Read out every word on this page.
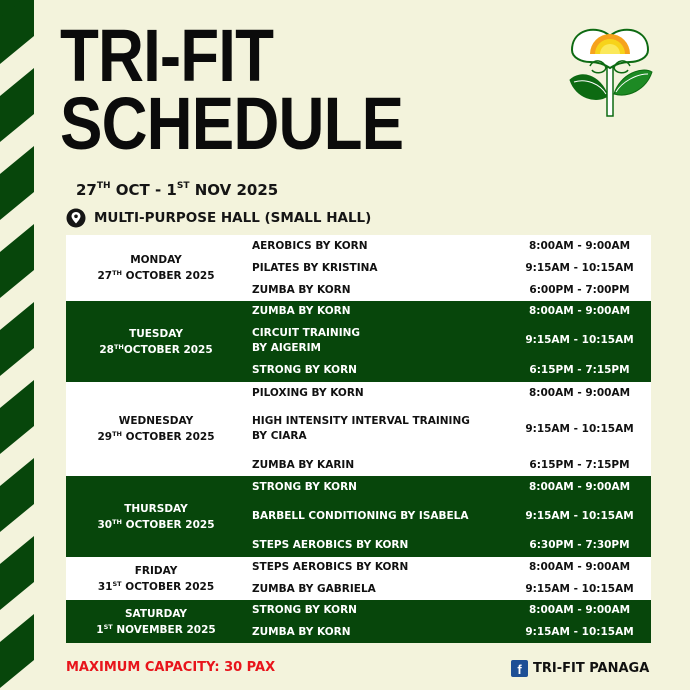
TRI-FIT
SCHEDULE
27TH OCT - 1ST NOV 2025
MULTI-PURPOSE HALL (SMALL HALL)
MONDAY
27TH OCTOBER 2025
AEROBICS BY KORN	8:00AM - 9:00AM
PILATES BY KRISTINA	9:15AM - 10:15AM
ZUMBA BY KORN	6:00PM - 7:00PM
TUESDAY
28THOCTOBER 2025
ZUMBA BY KORN	8:00AM - 9:00AM
CIRCUIT TRAINING
BY AIGERIM
9:15AM - 10:15AM
STRONG BY KORN	6:15PM - 7:15PM
WEDNESDAY
29TH OCTOBER 2025
PILOXING BY KORN	8:00AM - 9:00AM
HIGH INTENSITY INTERVAL TRAINING
BY CIARA
9:15AM - 10:15AM
ZUMBA BY KARIN	6:15PM - 7:15PM
THURSDAY
30TH OCTOBER 2025
STRONG BY KORN	8:00AM - 9:00AM
BARBELL CONDITIONING BY ISABELA	9:15AM - 10:15AM
STEPS AEROBICS BY KORN	6:30PM - 7:30PM
FRIDAY
31ST OCTOBER 2025
STEPS AEROBICS BY KORN	8:00AM - 9:00AM
ZUMBA BY GABRIELA	9:15AM - 10:15AM
SATURDAY
1ST NOVEMBER 2025
STRONG BY KORN	8:00AM - 9:00AM
ZUMBA BY KORN	9:15AM - 10:15AM
MAXIMUM CAPACITY: 30 PAX	f TRI-FIT PANAGA
